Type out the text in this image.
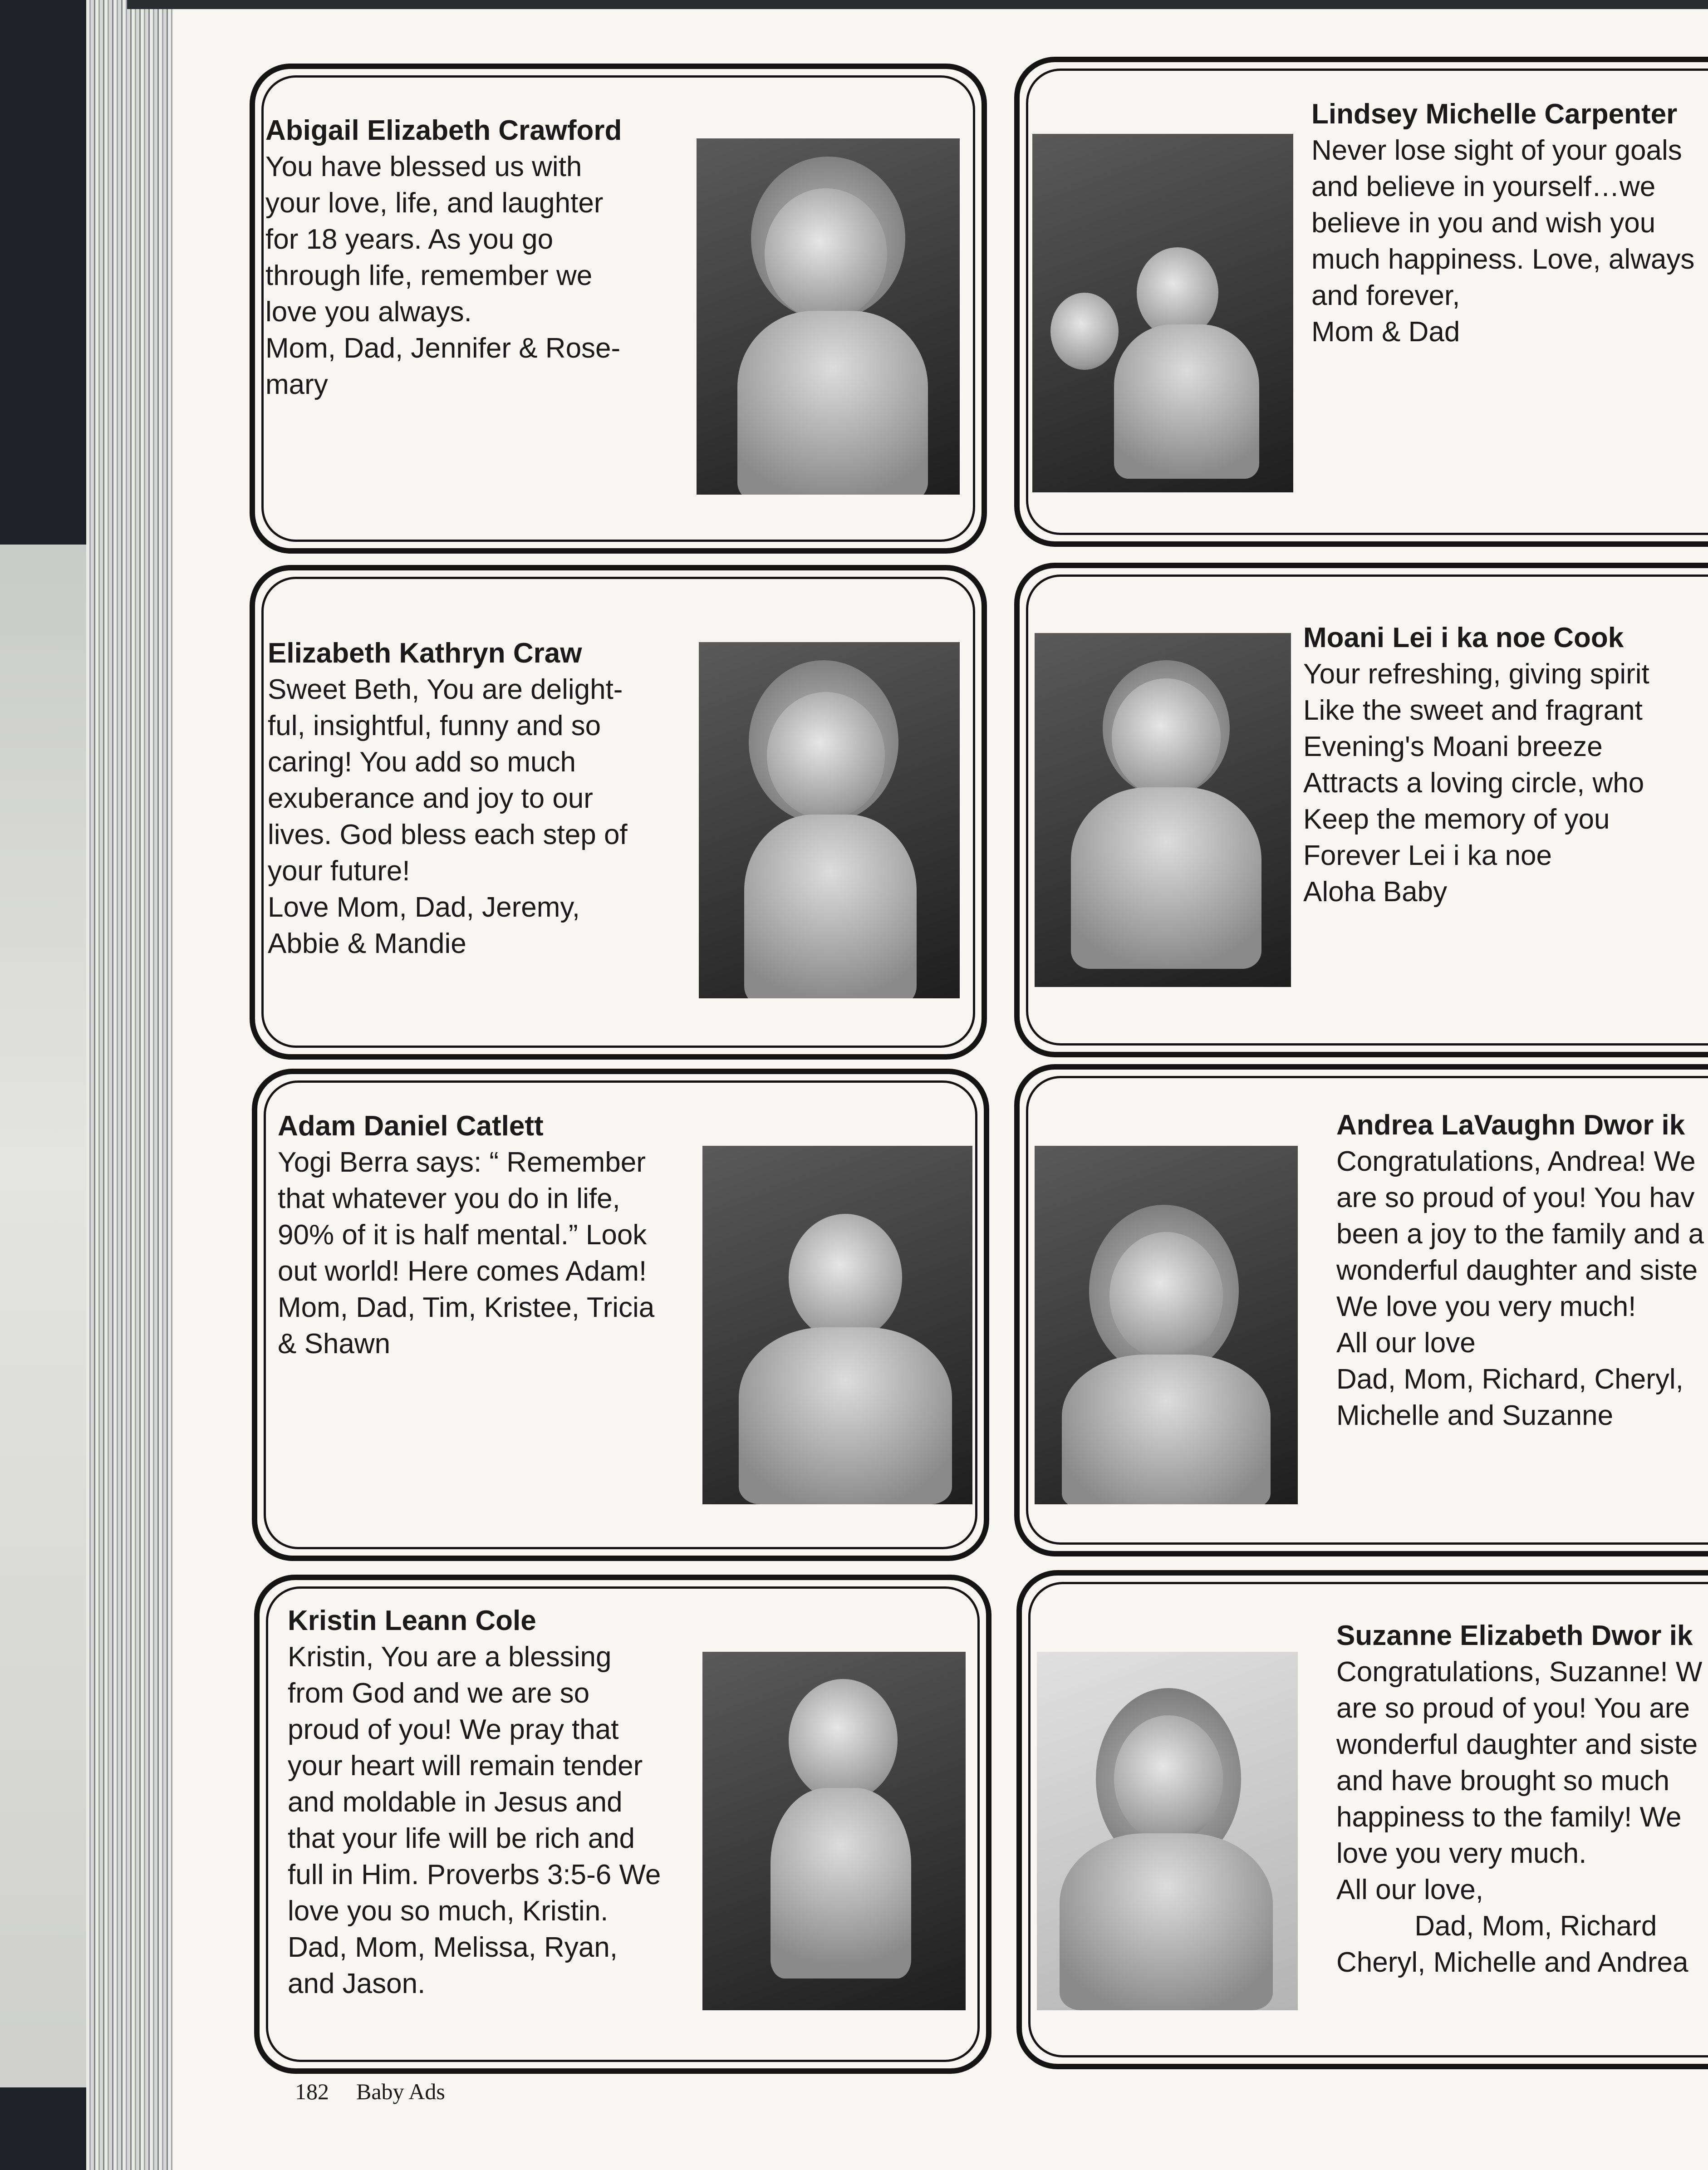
Abigail Elizabeth Crawford
You have blessed us with
your love, life, and laughter
for 18 years. As you go
through life, remember we
love you always.
Mom, Dad, Jennifer & Rose-
mary
Lindsey Michelle Carpenter
Never lose sight of your goals
and believe in yourself…we
believe in you and wish you
much happiness. Love, always
and forever,
Mom & Dad
Elizabeth Kathryn Craw
Sweet Beth, You are delight-
ful, insightful, funny and so
caring! You add so much
exuberance and joy to our
lives. God bless each step of
your future!
Love Mom, Dad, Jeremy,
Abbie & Mandie
Moani Lei i ka noe Cook
Your refreshing, giving spirit
Like the sweet and fragrant
Evening's Moani breeze
Attracts a loving circle, who
Keep the memory of you
Forever Lei i ka noe
Aloha Baby
Adam Daniel Catlett
Yogi Berra says: “ Remember
that whatever you do in life,
90% of it is half mental.” Look
out world! Here comes Adam!
Mom, Dad, Tim, Kristee, Tricia
& Shawn
Andrea LaVaughn Dwor ik
Congratulations, Andrea! We
are so proud of you! You hav
been a joy to the family and a
wonderful daughter and siste
We love you very much!
All our love
Dad, Mom, Richard, Cheryl,
Michelle and Suzanne
Kristin Leann Cole
Kristin, You are a blessing
from God and we are so
proud of you! We pray that
your heart will remain tender
and moldable in Jesus and
that your life will be rich and
full in Him. Proverbs 3:5-6 We
love you so much, Kristin.
Dad, Mom, Melissa, Ryan,
and Jason.
Suzanne Elizabeth Dwor ik
Congratulations, Suzanne! W
are so proud of you! You are
wonderful daughter and siste
and have brought so much
happiness to the family! We
love you very much.
All our love,
Dad, Mom, Richard
Cheryl, Michelle and Andrea
182 Baby Ads
